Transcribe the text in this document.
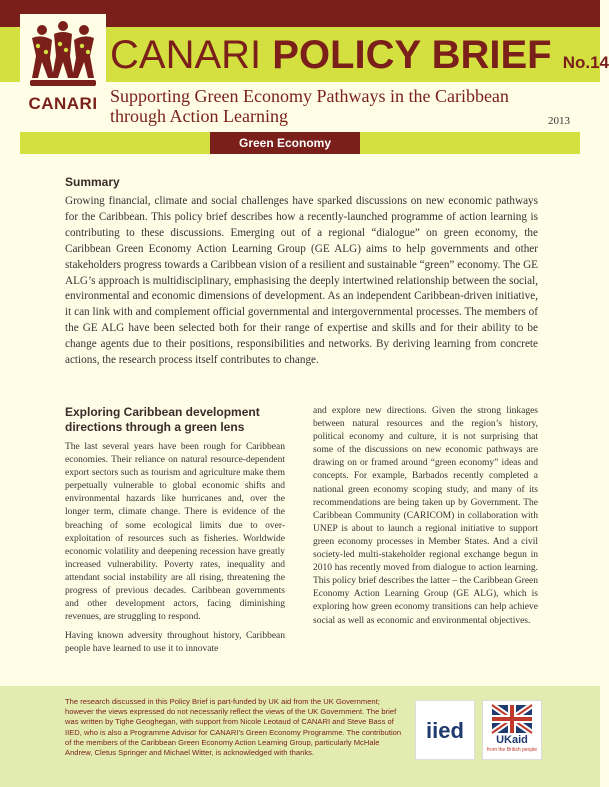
CANARI
CANARI POLICY BRIEF No.14
Supporting Green Economy Pathways in the Caribbean through Action Learning	2013
Green Economy
Summary

Growing financial, climate and social challenges have sparked discussions on new economic pathways for the Caribbean. This policy brief describes how a recently-launched programme of action learning is contributing to these discussions. Emerging out of a regional “dialogue” on green economy, the Caribbean Green Economy Action Learning Group (GE ALG) aims to help governments and other stakeholders progress towards a Caribbean vision of a resilient and sustainable “green” economy. The GE ALG’s approach is multidisciplinary, emphasising the deeply intertwined relationship between the social, environmental and economic dimensions of development. As an independent Caribbean-driven initiative, it can link with and complement official governmental and intergovernmental processes. The members of the GE ALG have been selected both for their range of expertise and skills and for their ability to be change agents due to their positions, responsibilities and networks. By deriving learning from concrete actions, the research process itself contributes to change.

Exploring Caribbean development directions through a green lens

The last several years have been rough for Caribbean economies. Their reliance on natural resource-dependent export sectors such as tourism and agriculture make them perpetually vulnerable to global economic shifts and environmental hazards like hurricanes and, over the longer term, climate change. There is evidence of the breaching of some ecological limits due to over-exploitation of resources such as fisheries. Worldwide economic volatility and deepening recession have greatly increased vulnerability. Poverty rates, inequality and attendant social instability are all rising, threatening the progress of previous decades. Caribbean governments and other development actors, facing diminishing revenues, are struggling to respond.

Having known adversity throughout history, Caribbean people have learned to use it to innovate

and explore new directions. Given the strong linkages between natural resources and the region’s history, political economy and culture, it is not surprising that some of the discussions on new economic pathways are drawing on or framed around “green economy” ideas and concepts. For example, Barbados recently completed a national green economy scoping study, and many of its recommendations are being taken up by Government. The Caribbean Community (CARICOM) in collaboration with UNEP is about to launch a regional initiative to support green economy processes in Member States. And a civil society-led multi-stakeholder regional exchange begun in 2010 has recently moved from dialogue to action learning. This policy brief describes the latter – the Caribbean Green Economy Action Learning Group (GE ALG), which is exploring how green economy transitions can help achieve social as well as economic and environmental objectives.

The research discussed in this Policy Brief is part-funded by UK aid from the UK Government; however the views expressed do not necessarily reflect the views of the UK Government. The brief was written by Tighe Geoghegan, with support from Nicole Leotaud of CANARI and Steve Bass of IIED, who is also a Programme Advisor for CANARI’s Green Economy Programme. The contribution of the members of the Caribbean Green Economy Action Learning Group, particularly McHale Andrew, Cletus Springer and Michael Witter, is acknowledged with thanks.

iied	UKaid
from the British people
